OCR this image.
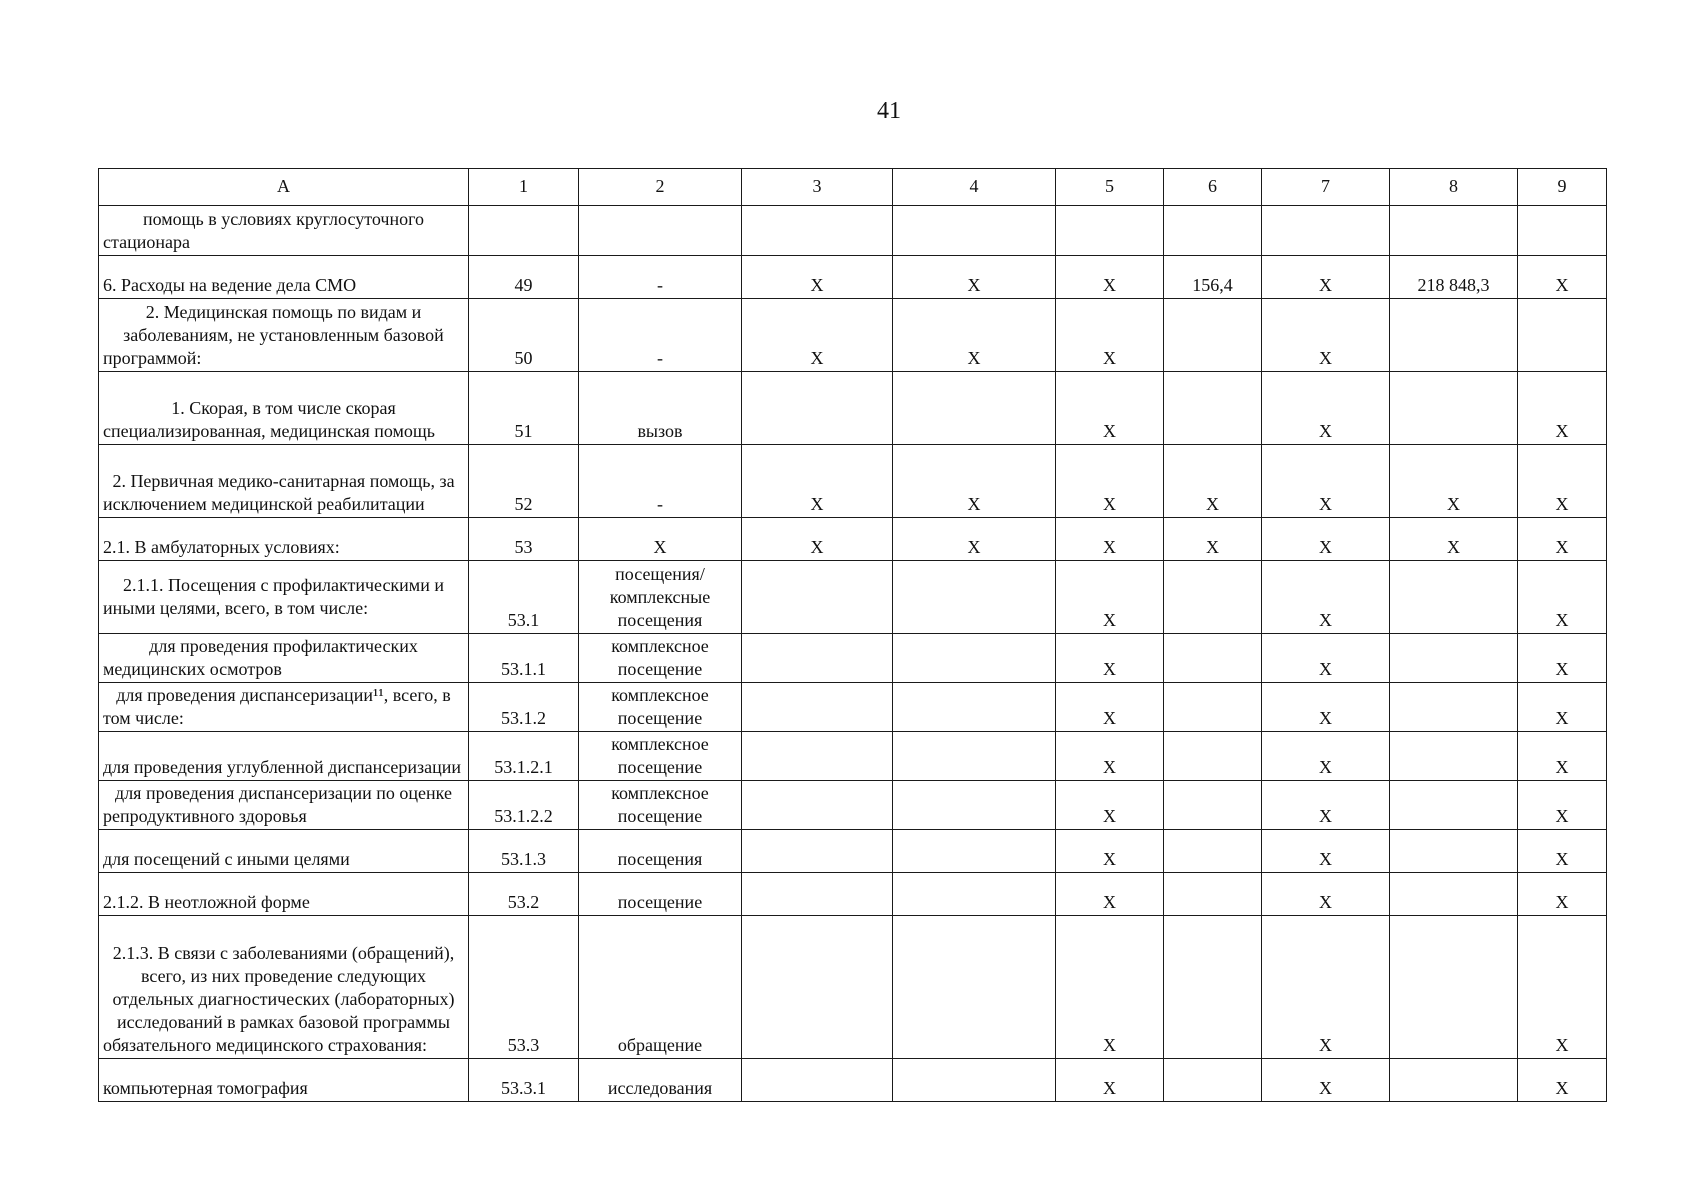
41
А	1	2	3	4	5	6	7	8	9
помощь в условиях круглосуточного стационара									
6. Расходы на ведение дела СМО	49	-	X	X	X	156,4	X	218 848,3	X
2. Медицинская помощь по видам и заболеваниям, не установленным базовой программой:	50	-	X	X	X		X		
1. Скорая, в том числе скорая специализированная, медицинская помощь	51	вызов			X		X		X
2. Первичная медико-санитарная помощь, за исключением медицинской реабилитации	52	-	X	X	X	X	X	X	X
2.1. В амбулаторных условиях:	53	X	X	X	X	X	X	X	X
2.1.1. Посещения с профилактическими и иными целями, всего, в том числе:	53.1	посещения/комплексные посещения			X		X		X
для проведения профилактических медицинских осмотров	53.1.1	комплексное посещение			X		X		X
для проведения диспансеризации¹¹, всего, в том числе:	53.1.2	комплексное посещение			X		X		X
для проведения углубленной диспансеризации	53.1.2.1	комплексное посещение			X		X		X
для проведения диспансеризации по оценке репродуктивного здоровья	53.1.2.2	комплексное посещение			X		X		X
для посещений с иными целями	53.1.3	посещения			X		X		X
2.1.2. В неотложной форме	53.2	посещение			X		X		X
2.1.3. В связи с заболеваниями (обращений), всего, из них проведение следующих отдельных диагностических (лабораторных) исследований в рамках базовой программы обязательного медицинского страхования:	53.3	обращение			X		X		X
компьютерная томография	53.3.1	исследования			X		X		X
